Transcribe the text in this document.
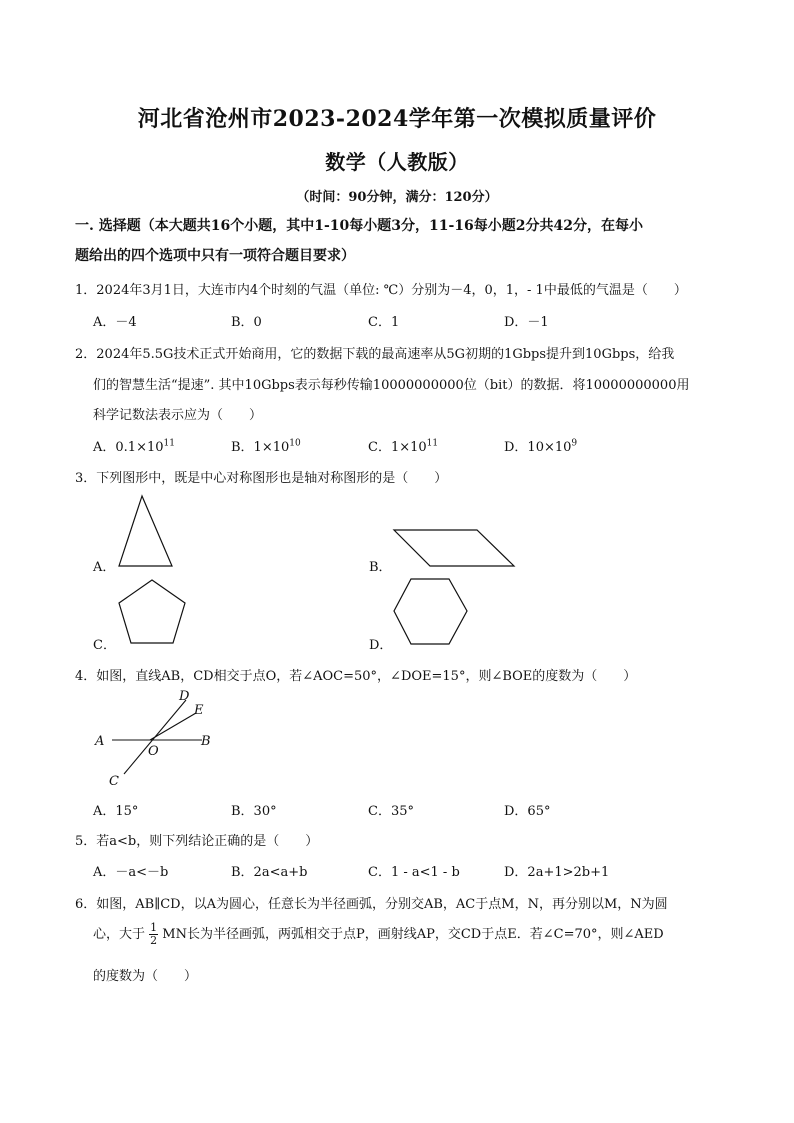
河北省沧州市2023-2024学年第一次模拟质量评价
数学（人教版）
（时间：90分钟，满分：120分）
一. 选择题（本大题共16个小题，其中1-10每小题3分，11-16每小题2分共42分，在每小
题给出的四个选项中只有一项符合题目要求）
1．2024年3月1日，大连市内4个时刻的气温（单位: ℃）分别为－4，0，1，- 1中最低的气温是（　　）
A．－4	B．0	C．1	D．－1
2．2024年5.5G技术正式开始商用，它的数据下载的最高速率从5G初期的1Gbps提升到10Gbps，给我
们的智慧生活“提速”. 其中10Gbps表示每秒传输10000000000位（bit）的数据．将10000000000用
科学记数法表示应为（　　）
A．$0.1\times 10^{11}$	B．$1\times 10^{10}$	C．$1\times 10^{11}$	D．$10\times 10^9$
3．下列图形中，既是中心对称图形也是轴对称图形的是（　　）
A．	B．
C．	D．
4．如图，直线AB，CD相交于点O，若∠AOC=50°，∠DOE=15°，则∠BOE的度数为（　　）
D
E
A	B
O
C
A．15°	B．30°	C．35°	D．65°
5．若a<b，则下列结论正确的是（　　）
A．－a<－b	B．2a<a+b	C．1 - a<1 - b	D．2a+1>2b+1
6．如图，AB∥CD，以A为圆心，任意长为半径画弧，分别交AB，AC于点M，N，再分别以M，N为圆
心，大于 $\frac{1}{2}$ MN长为半径画弧，两弧相交于点P，画射线AP，交CD于点E．若∠C=70°，则∠AED
的度数为（　　）
